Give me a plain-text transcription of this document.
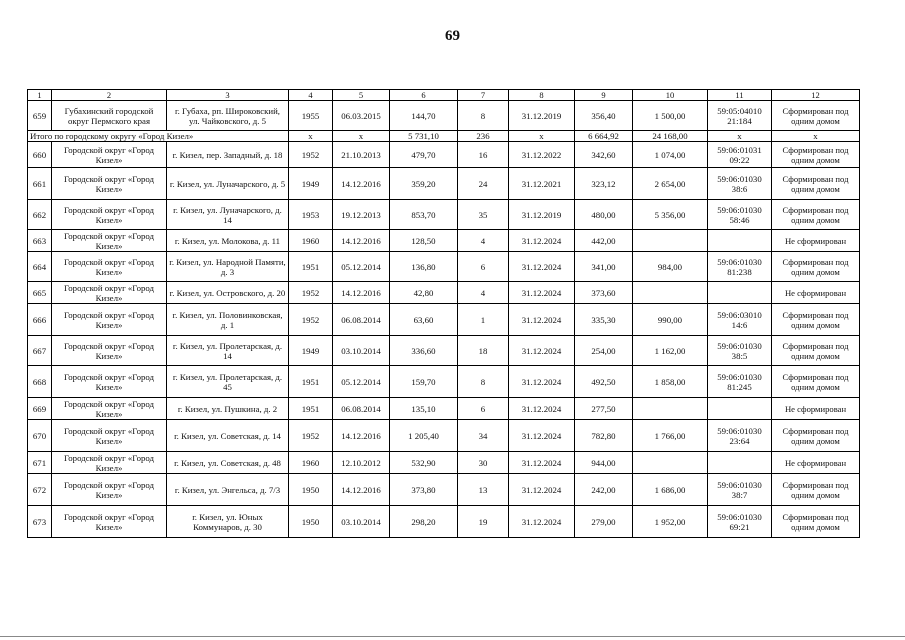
69
1	2	3	4	5	6	7	8	9	10	11	12
659	Губахинский городской округ Пермского края	г. Губаха, рп. Широковский, ул. Чайковского, д. 5	1955	06.03.2015	144,70	8	31.12.2019	356,40	1 500,00	59:05:04010 21:184	Сформирован под одним домом
Итого по городскому округу «Город Кизел»			x	x	5 731,10	236	x	6 664,92	24 168,00	x	x
660	Городской округ «Город Кизел»	г. Кизел, пер. Западный, д. 18	1952	21.10.2013	479,70	16	31.12.2022	342,60	1 074,00	59:06:01031 09:22	Сформирован под одним домом
661	Городской округ «Город Кизел»	г. Кизел, ул. Луначарского, д. 5	1949	14.12.2016	359,20	24	31.12.2021	323,12	2 654,00	59:06:01030 38:6	Сформирован под одним домом
662	Городской округ «Город Кизел»	г. Кизел, ул. Луначарского, д. 14	1953	19.12.2013	853,70	35	31.12.2019	480,00	5 356,00	59:06:01030 58:46	Сформирован под одним домом
663	Городской округ «Город Кизел»	г. Кизел, ул. Молокова, д. 11	1960	14.12.2016	128,50	4	31.12.2024	442,00			Не сформирован
664	Городской округ «Город Кизел»	г. Кизел, ул. Народной Памяти, д. 3	1951	05.12.2014	136,80	6	31.12.2024	341,00	984,00	59:06:01030 81:238	Сформирован под одним домом
665	Городской округ «Город Кизел»	г. Кизел, ул. Островского, д. 20	1952	14.12.2016	42,80	4	31.12.2024	373,60			Не сформирован
666	Городской округ «Город Кизел»	г. Кизел, ул. Половинковская, д. 1	1952	06.08.2014	63,60	1	31.12.2024	335,30	990,00	59:06:03010 14:6	Сформирован под одним домом
667	Городской округ «Город Кизел»	г. Кизел, ул. Пролетарская, д. 14	1949	03.10.2014	336,60	18	31.12.2024	254,00	1 162,00	59:06:01030 38:5	Сформирован под одним домом
668	Городской округ «Город Кизел»	г. Кизел, ул. Пролетарская, д. 45	1951	05.12.2014	159,70	8	31.12.2024	492,50	1 858,00	59:06:01030 81:245	Сформирован под одним домом
669	Городской округ «Город Кизел»	г. Кизел, ул. Пушкина, д. 2	1951	06.08.2014	135,10	6	31.12.2024	277,50			Не сформирован
670	Городской округ «Город Кизел»	г. Кизел, ул. Советская, д. 14	1952	14.12.2016	1 205,40	34	31.12.2024	782,80	1 766,00	59:06:01030 23:64	Сформирован под одним домом
671	Городской округ «Город Кизел»	г. Кизел, ул. Советская, д. 48	1960	12.10.2012	532,90	30	31.12.2024	944,00			Не сформирован
672	Городской округ «Город Кизел»	г. Кизел, ул. Энгельса, д. 7/3	1950	14.12.2016	373,80	13	31.12.2024	242,00	1 686,00	59:06:01030 38:7	Сформирован под одним домом
673	Городской округ «Город Кизел»	г. Кизел, ул. Юных Коммунаров, д. 30	1950	03.10.2014	298,20	19	31.12.2024	279,00	1 952,00	59:06:01030 69:21	Сформирован под одним домом
